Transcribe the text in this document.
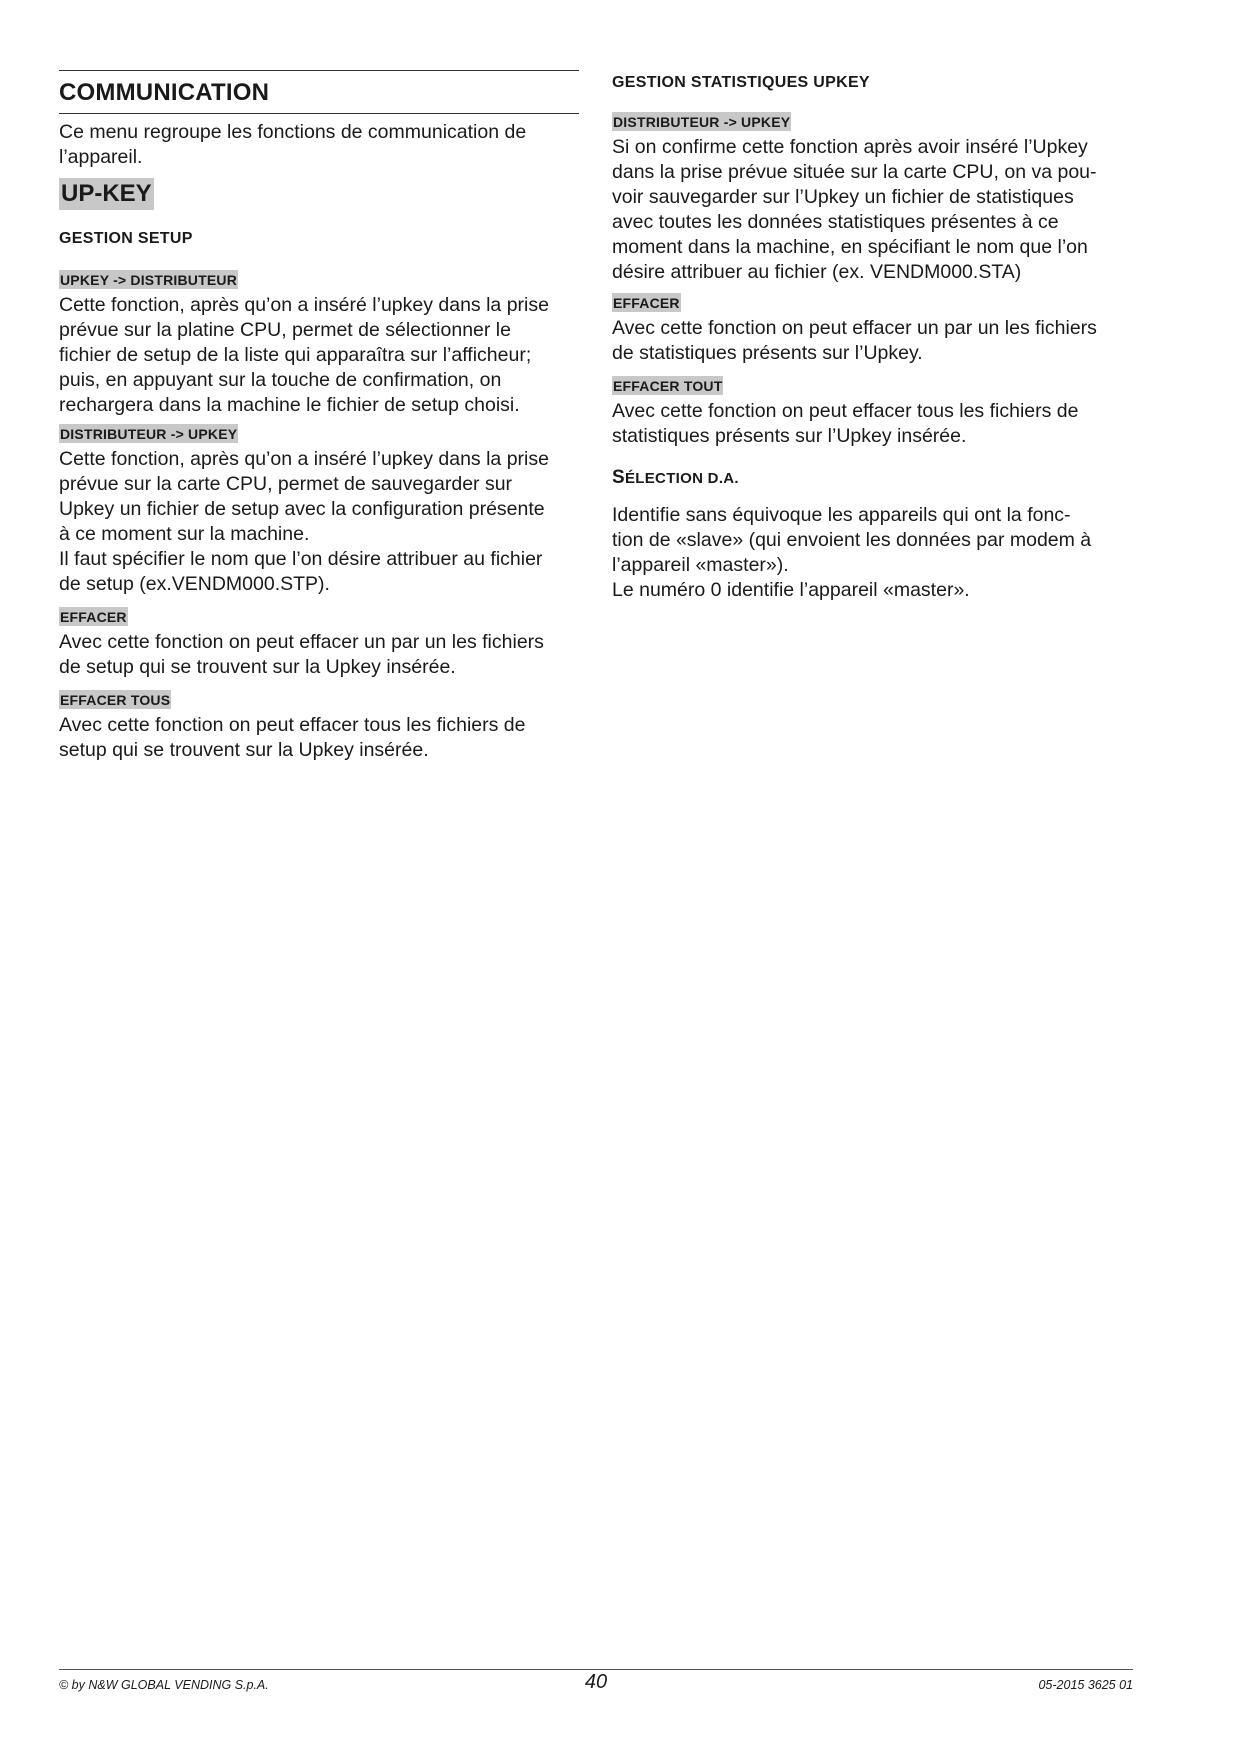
COMMUNICATION

Ce menu regroupe les fonctions de communication de
l’appareil.

UP-KEY
GESTION SETUP
UPKEY -> DISTRIBUTEUR

Cette fonction, après qu’on a inséré l’upkey dans la prise
prévue sur la platine CPU, permet de sélectionner le
fichier de setup de la liste qui apparaîtra sur l’afficheur;
puis, en appuyant sur la touche de confirmation, on
rechargera dans la machine le fichier de setup choisi.

DISTRIBUTEUR -> UPKEY

Cette fonction, après qu’on a inséré l’upkey dans la prise
prévue sur la carte CPU, permet de sauvegarder sur
Upkey un fichier de setup avec la configuration présente
à ce moment sur la machine.
Il faut spécifier le nom que l’on désire attribuer au fichier
de setup (ex.VENDM000.STP).

EFFACER

Avec cette fonction on peut effacer un par un les fichiers
de setup qui se trouvent sur la Upkey insérée.

EFFACER TOUS

Avec cette fonction on peut effacer tous les fichiers de
setup qui se trouvent sur la Upkey insérée.

GESTION STATISTIQUES UPKEY
DISTRIBUTEUR -> UPKEY

Si on confirme cette fonction après avoir inséré l’Upkey
dans la prise prévue située sur la carte CPU, on va pou-
voir sauvegarder sur l’Upkey un fichier de statistiques
avec toutes les données statistiques présentes à ce
moment dans la machine, en spécifiant le nom que l’on
désire attribuer au fichier (ex. VENDM000.STA)

EFFACER

Avec cette fonction on peut effacer un par un les fichiers
de statistiques présents sur l’Upkey.

EFFACER TOUT

Avec cette fonction on peut effacer tous les fichiers de
statistiques présents sur l’Upkey insérée.

SÉLECTION D.A.

Identifie sans équivoque les appareils qui ont la fonc-
tion de «slave» (qui envoient les données par modem à
l’appareil «master»).
Le numéro 0 identifie l’appareil «master».

© by N&W GLOBAL VENDING S.p.A.	40	05-2015 3625 01
